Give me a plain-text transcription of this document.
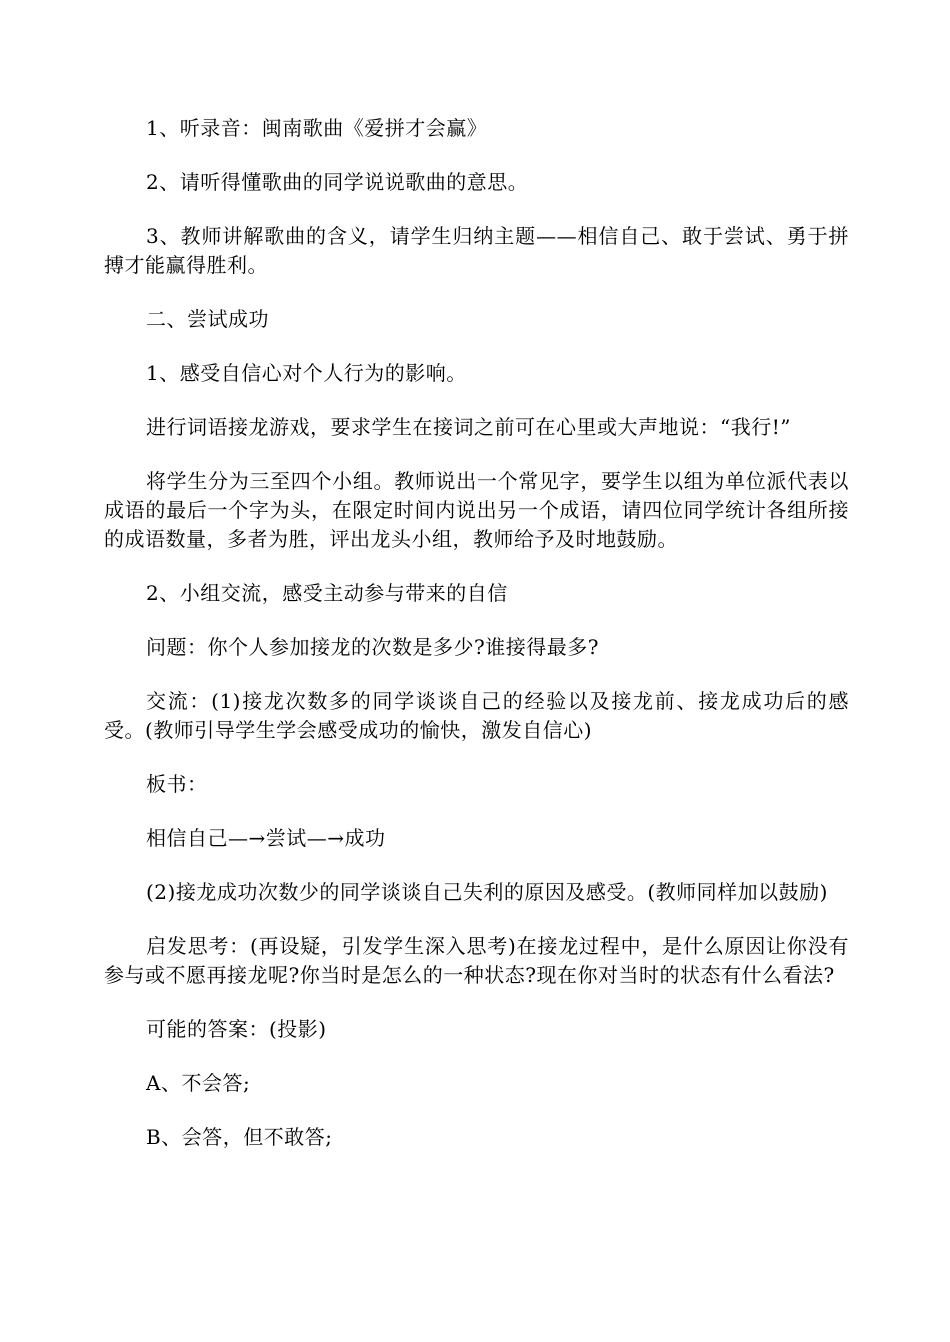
1、听录音：闽南歌曲《爱拼才会赢》

2、请听得懂歌曲的同学说说歌曲的意思。

3、教师讲解歌曲的含义，请学生归纳主题——相信自己、敢于尝试、勇于拼搏才能赢得胜利。

二、尝试成功

1、感受自信心对个人行为的影响。

进行词语接龙游戏，要求学生在接词之前可在心里或大声地说：“我行!”

将学生分为三至四个小组。教师说出一个常见字，要学生以组为单位派代表以成语的最后一个字为头，在限定时间内说出另一个成语，请四位同学统计各组所接的成语数量，多者为胜，评出龙头小组，教师给予及时地鼓励。

2、小组交流，感受主动参与带来的自信

问题：你个人参加接龙的次数是多少?谁接得最多?

交流：(1)接龙次数多的同学谈谈自己的经验以及接龙前、接龙成功后的感受。(教师引导学生学会感受成功的愉快，激发自信心)

板书：

相信自己—→尝试—→成功

(2)接龙成功次数少的同学谈谈自己失利的原因及感受。(教师同样加以鼓励)

启发思考：(再设疑，引发学生深入思考)在接龙过程中，是什么原因让你没有参与或不愿再接龙呢?你当时是怎么的一种状态?现在你对当时的状态有什么看法?

可能的答案：(投影)

A、不会答;

B、会答，但不敢答;
